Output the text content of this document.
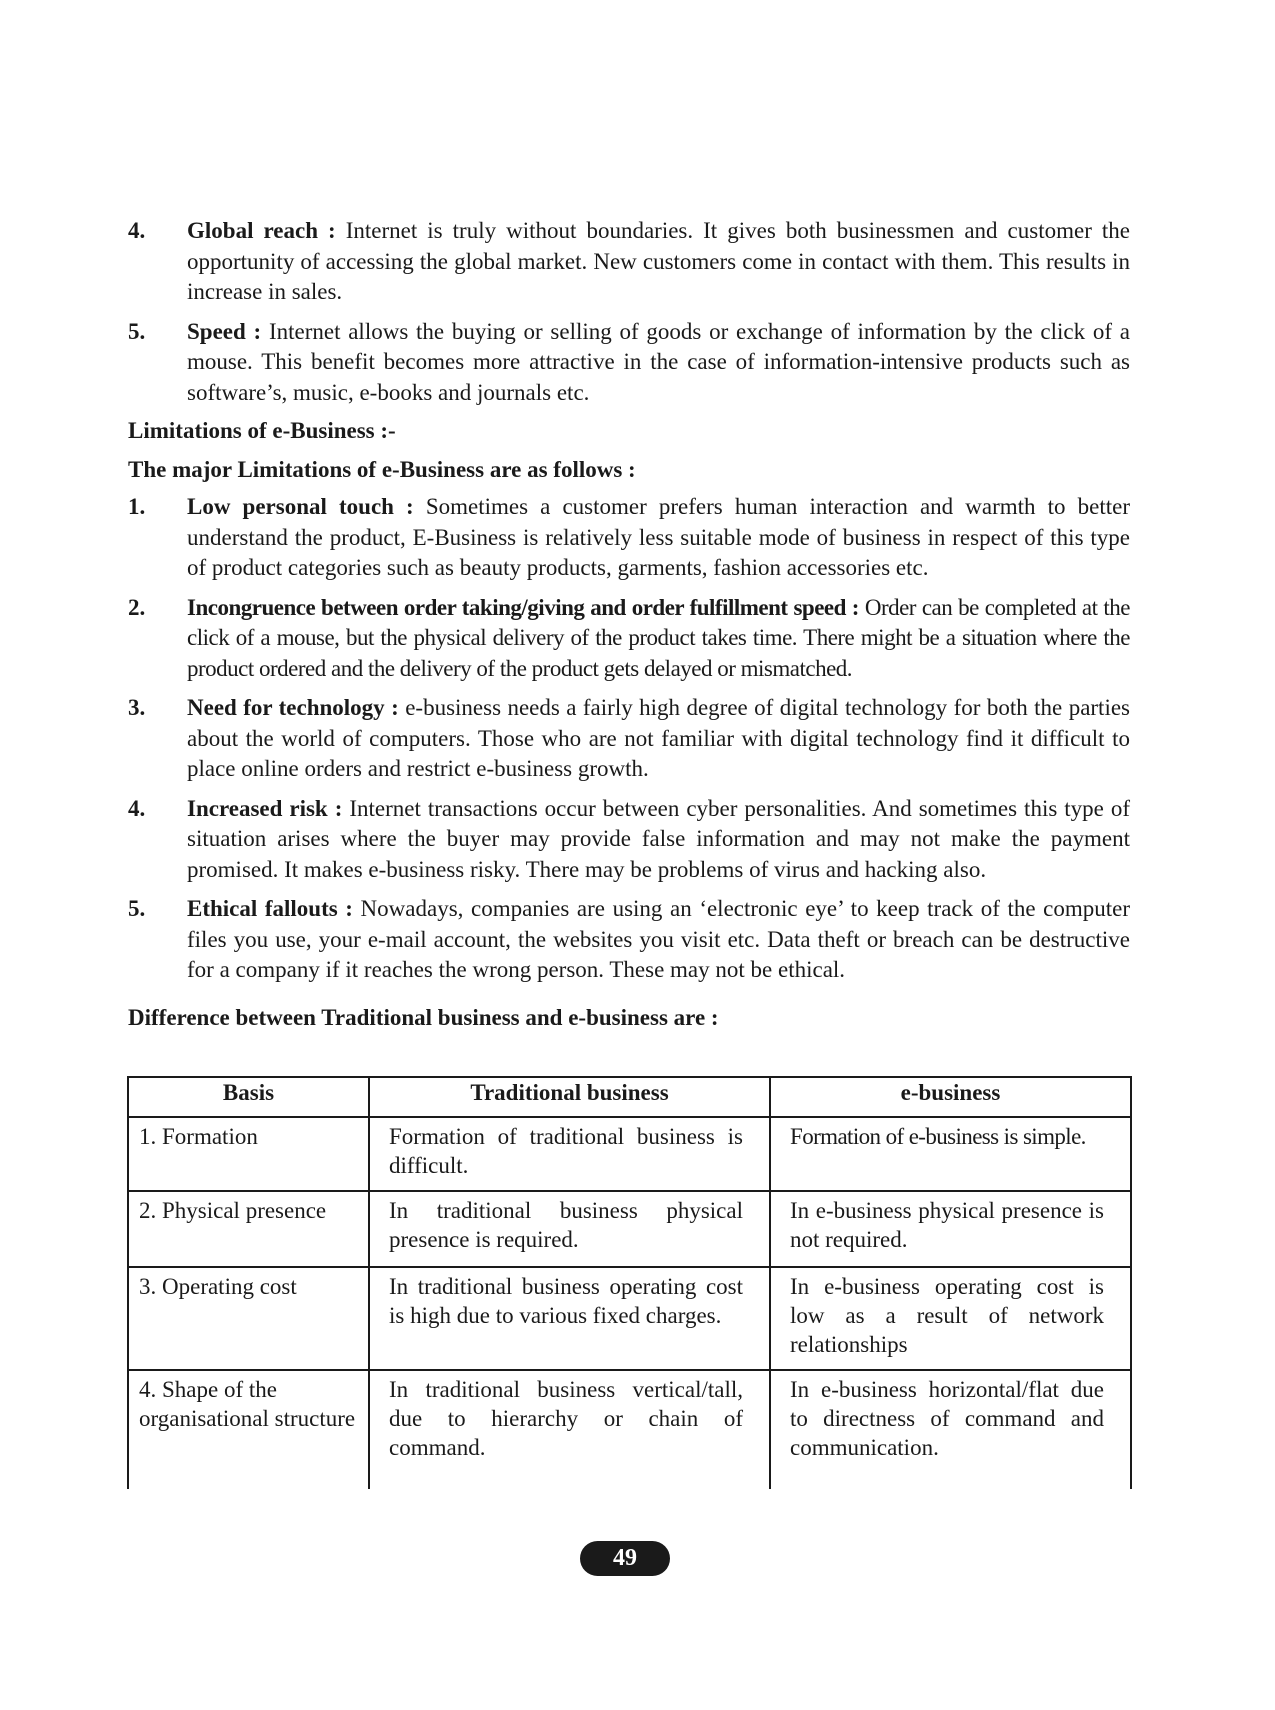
4.	Global reach : Internet is truly without boundaries. It gives both businessmen and customer the opportunity of accessing the global market. New customers come in contact with them. This results in increase in sales.
5.	Speed : Internet allows the buying or selling of goods or exchange of information by the click of a mouse. This benefit becomes more attractive in the case of information-intensive products such as software’s, music, e-books and journals etc.
Limitations of e-Business :-
The major Limitations of e-Business are as follows :
1.	Low personal touch : Sometimes a customer prefers human interaction and warmth to better understand the product, E-Business is relatively less suitable mode of business in respect of this type of product categories such as beauty products, garments, fashion accessories etc.
2.	Incongruence between order taking/giving and order fulfillment speed : Order can be completed at the click of a mouse, but the physical delivery of the product takes time. There might be a situation where the product ordered and the delivery of the product gets delayed or mismatched.
3.	Need for technology : e-business needs a fairly high degree of digital technology for both the parties about the world of computers. Those who are not familiar with digital technology find it difficult to place online orders and restrict e-business growth.
4.	Increased risk : Internet transactions occur between cyber personalities. And sometimes this type of situation arises where the buyer may provide false information and may not make the payment promised. It makes e-business risky. There may be problems of virus and hacking also.
5.	Ethical fallouts : Nowadays, companies are using an ‘electronic eye’ to keep track of the computer files you use, your e-mail account, the websites you visit etc. Data theft or breach can be destructive for a company if it reaches the wrong person. These may not be ethical.
Difference between Traditional business and e-business are :
Basis	Traditional business	e-business
1. Formation	Formation of traditional business is difficult.	Formation of e-business is simple.
2. Physical presence	In traditional business physical presence is required.	In e-business physical presence is not required.
3. Operating cost	In traditional business operating cost is high due to various fixed charges.	In e-business operating cost is low as a result of network relationships
4. Shape of the organisational structure	In traditional business vertical/tall, due to hierarchy or chain of command.	In e-business horizontal/flat due to directness of command and communication.
49
